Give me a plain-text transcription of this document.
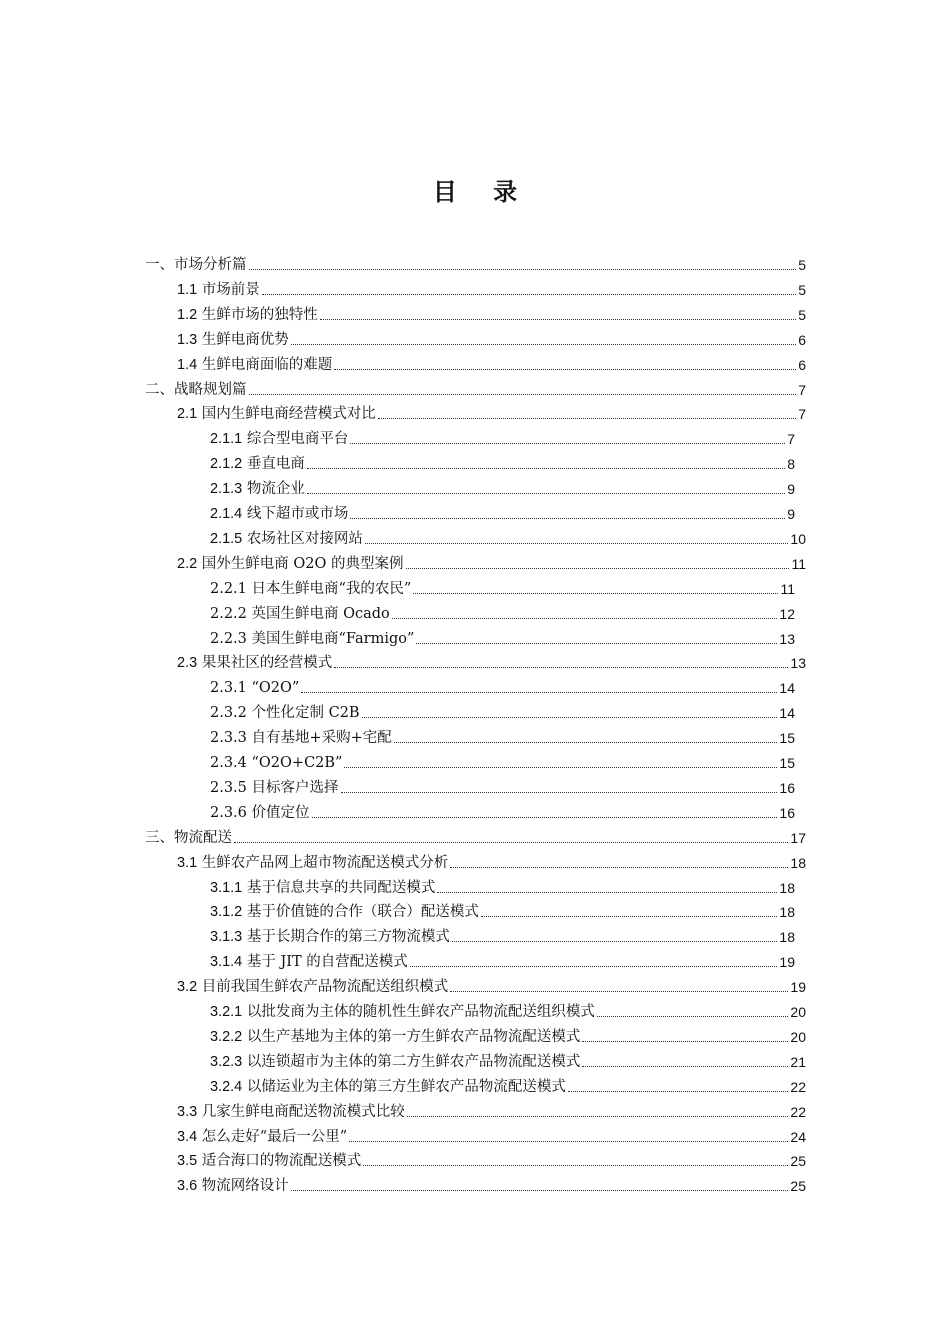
目 录
一、市场分析篇	5
1.1 市场前景	5
1.2 生鲜市场的独特性	5
1.3 生鲜电商优势	6
1.4 生鲜电商面临的难题	6
二、战略规划篇	7
2.1 国内生鲜电商经营模式对比	7
2.1.1 综合型电商平台	7
2.1.2 垂直电商	8
2.1.3 物流企业	9
2.1.4 线下超市或市场	9
2.1.5 农场社区对接网站	10
2.2 国外生鲜电商 O2O 的典型案例	11
2.2.1 日本生鲜电商“我的农民”	11
2.2.2 英国生鲜电商 Ocado	12
2.2.3 美国生鲜电商“Farmigo”	13
2.3 果果社区的经营模式	13
2.3.1 “O2O”	14
2.3.2 个性化定制 C2B	14
2.3.3 自有基地+采购+宅配	15
2.3.4 “O2O+C2B”	15
2.3.5 目标客户选择	16
2.3.6 价值定位	16
三、物流配送	17
3.1 生鲜农产品网上超市物流配送模式分析	18
3.1.1 基于信息共享的共同配送模式	18
3.1.2 基于价值链的合作（联合）配送模式	18
3.1.3 基于长期合作的第三方物流模式	18
3.1.4 基于 JIT 的自营配送模式	19
3.2 目前我国生鲜农产品物流配送组织模式	19
3.2.1 以批发商为主体的随机性生鲜农产品物流配送组织模式	20
3.2.2 以生产基地为主体的第一方生鲜农产品物流配送模式	20
3.2.3 以连锁超市为主体的第二方生鲜农产品物流配送模式	21
3.2.4 以储运业为主体的第三方生鲜农产品物流配送模式	22
3.3 几家生鲜电商配送物流模式比较	22
3.4 怎么走好“最后一公里”	24
3.5 适合海口的物流配送模式	25
3.6 物流网络设计	25
